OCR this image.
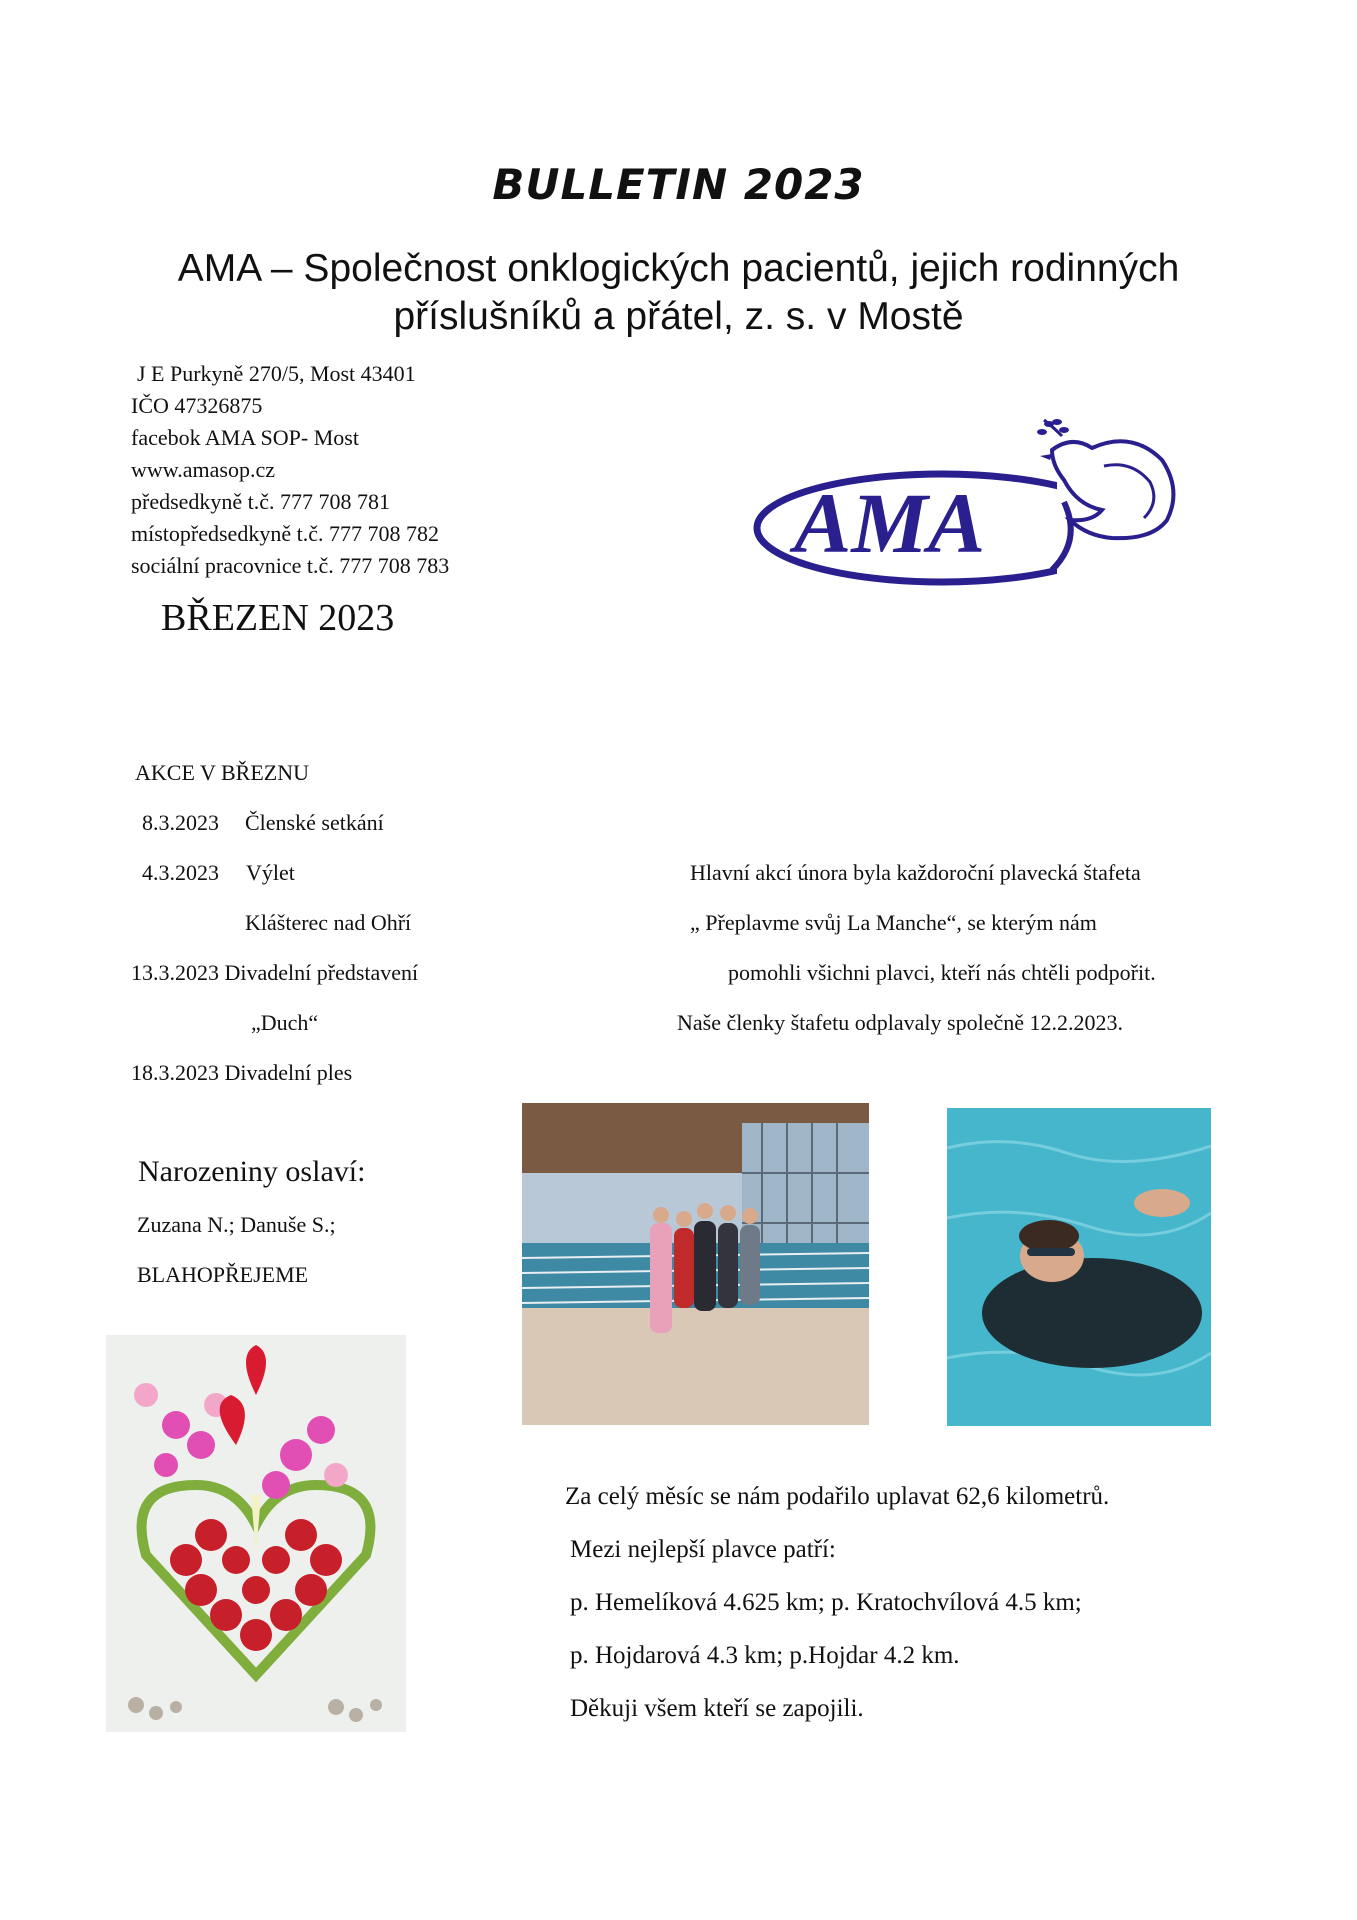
BULLETIN 2023
AMA – Společnost onklogických pacientů, jejich rodinných
příslušníků a přátel, z. s. v Mostě
J E Purkyně 270/5, Most 43401
IČO 47326875
facebok AMA SOP- Most
www.amasop.cz
předsedkyně t.č. 777 708 781
místopředsedkyně t.č. 777 708 782
sociální pracovnice t.č. 777 708 783	AMA
BŘEZEN 2023
AKCE V BŘEZNU
8.3.2023 Členské setkání
4.3.2023 Výlet
Klášterec nad Ohří
13.3.2023 Divadelní představení
„Duch“
18.3.2023 Divadelní ples
Hlavní akcí února byla každoroční plavecká štafeta
„ Přeplavme svůj La Manche“, se kterým nám
pomohli všichni plavci, kteří nás chtěli podpořit.
Naše členky štafetu odplavaly společně 12.2.2023.
Narozeniny oslaví:
Zuzana N.; Danuše S.;
BLAHOPŘEJEME
Za celý měsíc se nám podařilo uplavat 62,6 kilometrů.
Mezi nejlepší plavce patří:
p. Hemelíková 4.625 km; p. Kratochvílová 4.5 km;
p. Hojdarová 4.3 km; p.Hojdar 4.2 km.
Děkuji všem kteří se zapojili.
